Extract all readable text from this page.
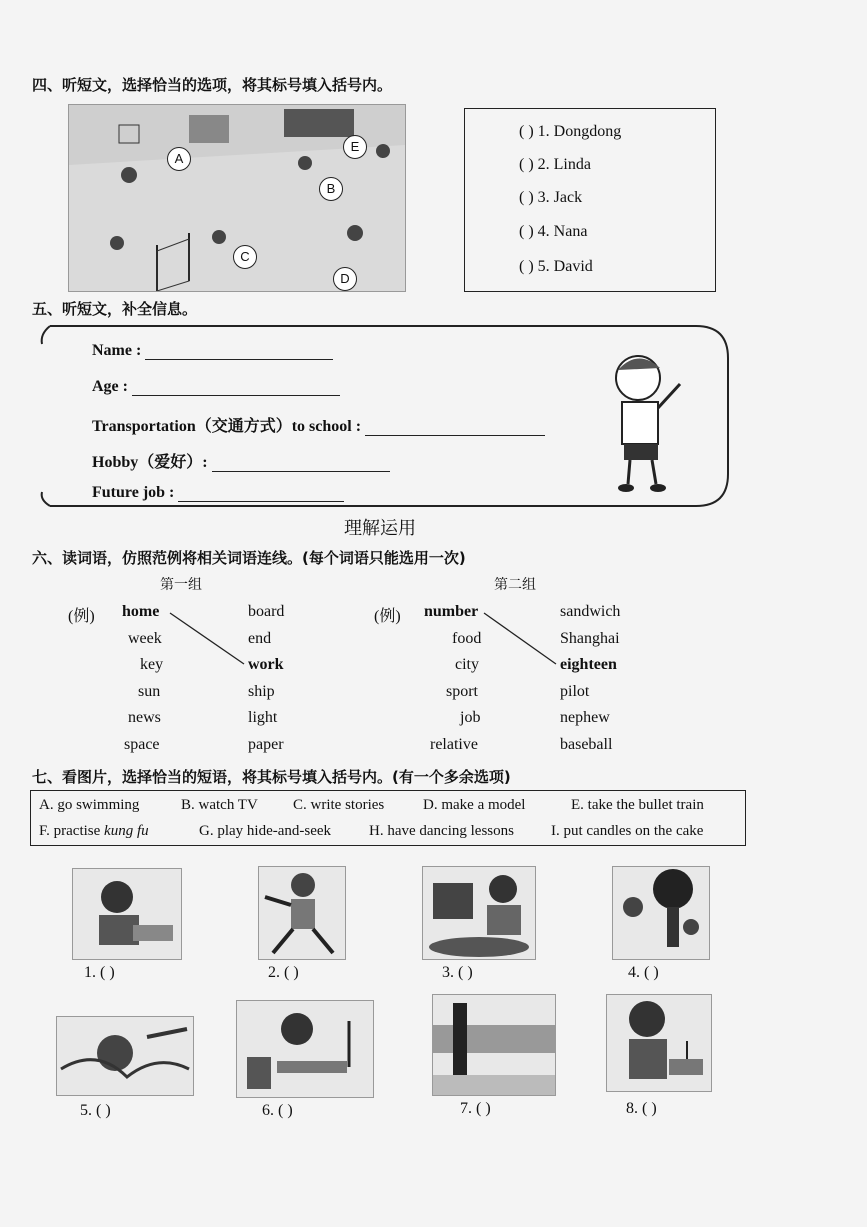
四、听短文，选择恰当的选项，将其标号填入括号内。
A
B
C
D
E
( ) 1. Dongdong
( ) 2. Linda
( ) 3. Jack
( ) 4. Nana
( ) 5. David
五、听短文，补全信息。
Name :
Age :
Transportation（交通方式）to school :
Hobby（爱好）:
Future job :
理解运用
六、读词语，仿照范例将相关词语连线。(每个词语只能选用一次)
第一组	第二组
(例) home
week
key
sun
news
space
board
end
work
ship
light
paper
(例) number
food
city
sport
job
relative
sandwich
Shanghai
eighteen
pilot
nephew
baseball
七、看图片，选择恰当的短语，将其标号填入括号内。(有一个多余选项)
A. go swimming	B. watch TV C. write stories	D. make a model	E. take the bullet train
F. practise kung fu	G. play hide-and-seek	H. have dancing lessons I. put candles on the cake
1. ( )	2. ( )	3. ( )	4. ( )
5. ( )	6. ( )	7. ( )	8. ( )
